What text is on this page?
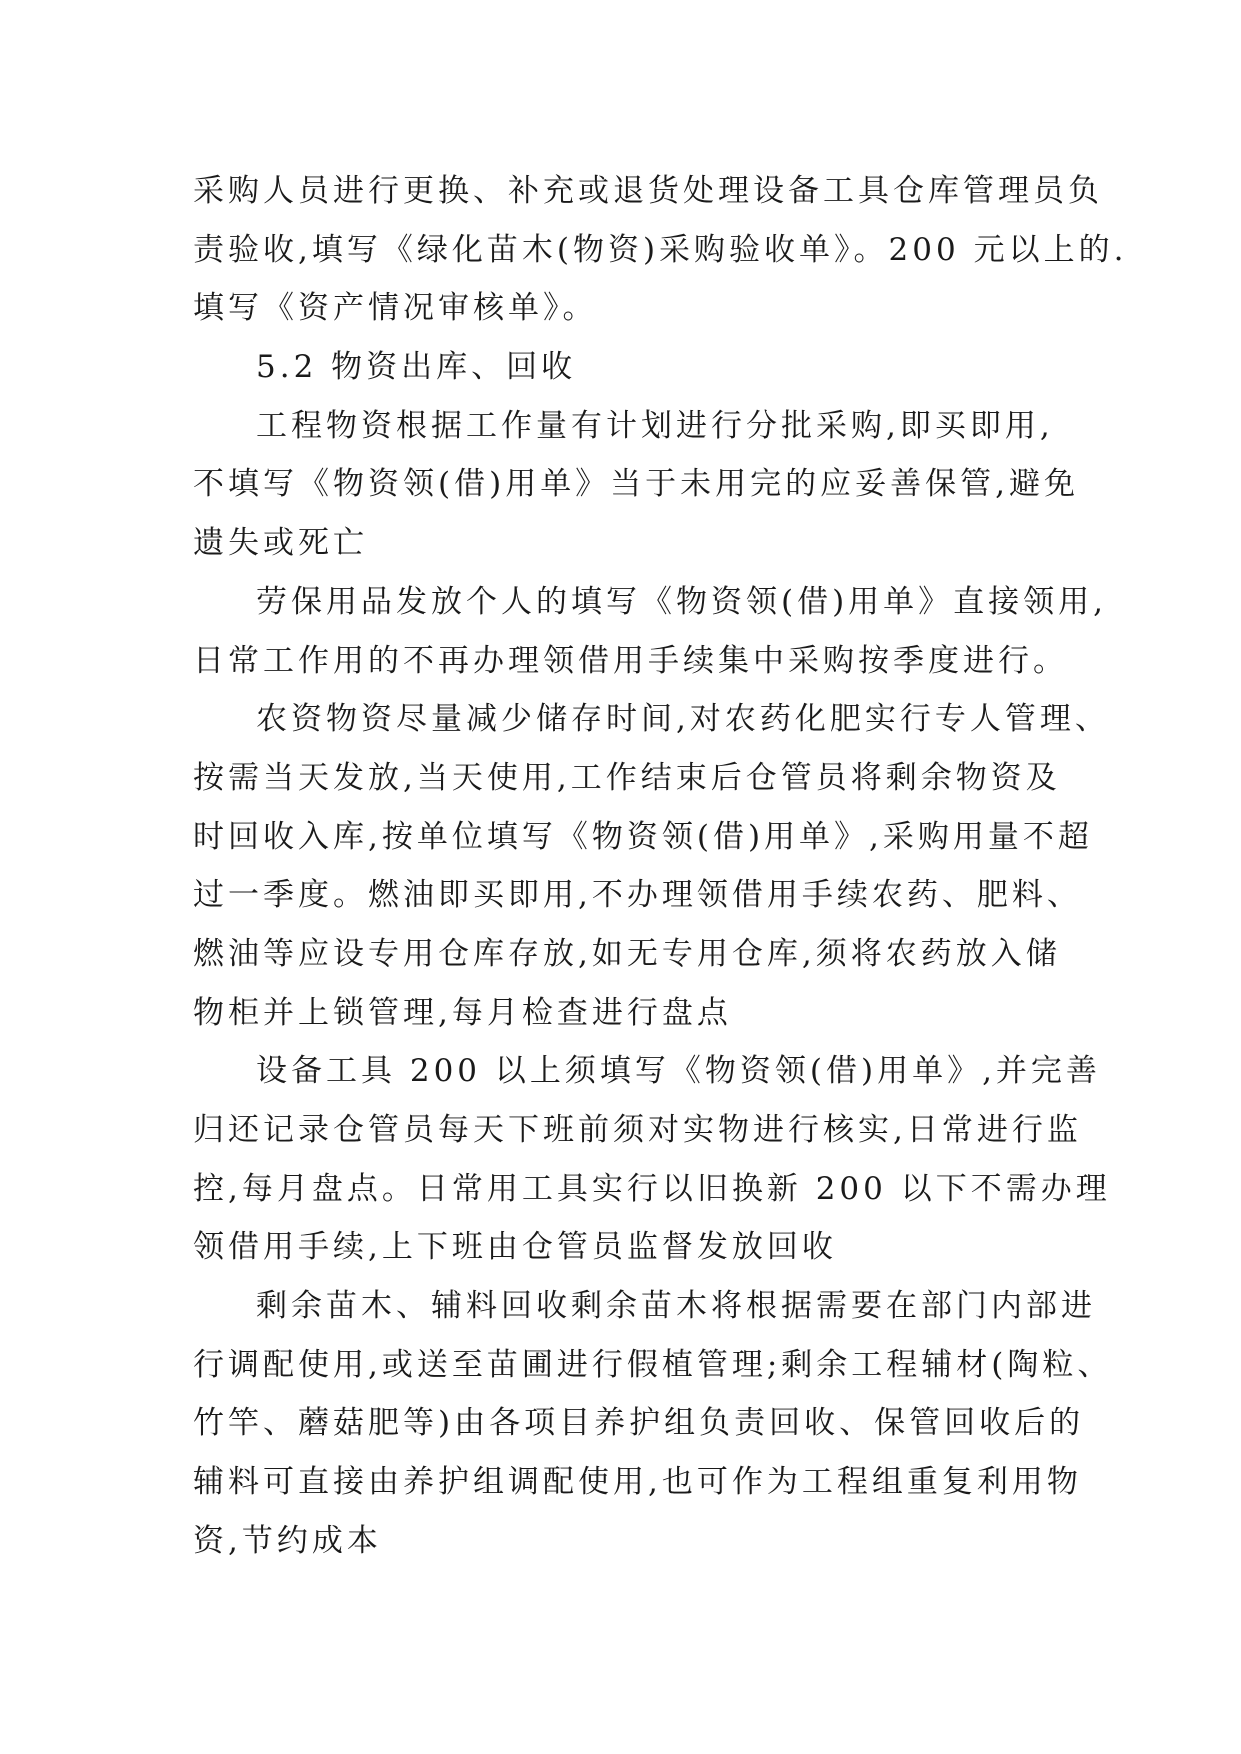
采购人员进行更换、补充或退货处理设备工具仓库管理员负
责验收,填写《绿化苗木(物资)采购验收单》。200 元以上的.
填写《资产情况审核单》。
5.2 物资出库、回收
工程物资根据工作量有计划进行分批采购,即买即用,
不填写《物资领(借)用单》当于未用完的应妥善保管,避免
遗失或死亡
劳保用品发放个人的填写《物资领(借)用单》直接领用,
日常工作用的不再办理领借用手续集中采购按季度进行。
农资物资尽量减少储存时间,对农药化肥实行专人管理、
按需当天发放,当天使用,工作结束后仓管员将剩余物资及
时回收入库,按单位填写《物资领(借)用单》,采购用量不超
过一季度。燃油即买即用,不办理领借用手续农药、肥料、
燃油等应设专用仓库存放,如无专用仓库,须将农药放入储
物柜并上锁管理,每月检查进行盘点
设备工具 200 以上须填写《物资领(借)用单》,并完善
归还记录仓管员每天下班前须对实物进行核实,日常进行监
控,每月盘点。日常用工具实行以旧换新 200 以下不需办理
领借用手续,上下班由仓管员监督发放回收
剩余苗木、辅料回收剩余苗木将根据需要在部门内部进
行调配使用,或送至苗圃进行假植管理;剩余工程辅材(陶粒、
竹竿、蘑菇肥等)由各项目养护组负责回收、保管回收后的
辅料可直接由养护组调配使用,也可作为工程组重复利用物
资,节约成本
